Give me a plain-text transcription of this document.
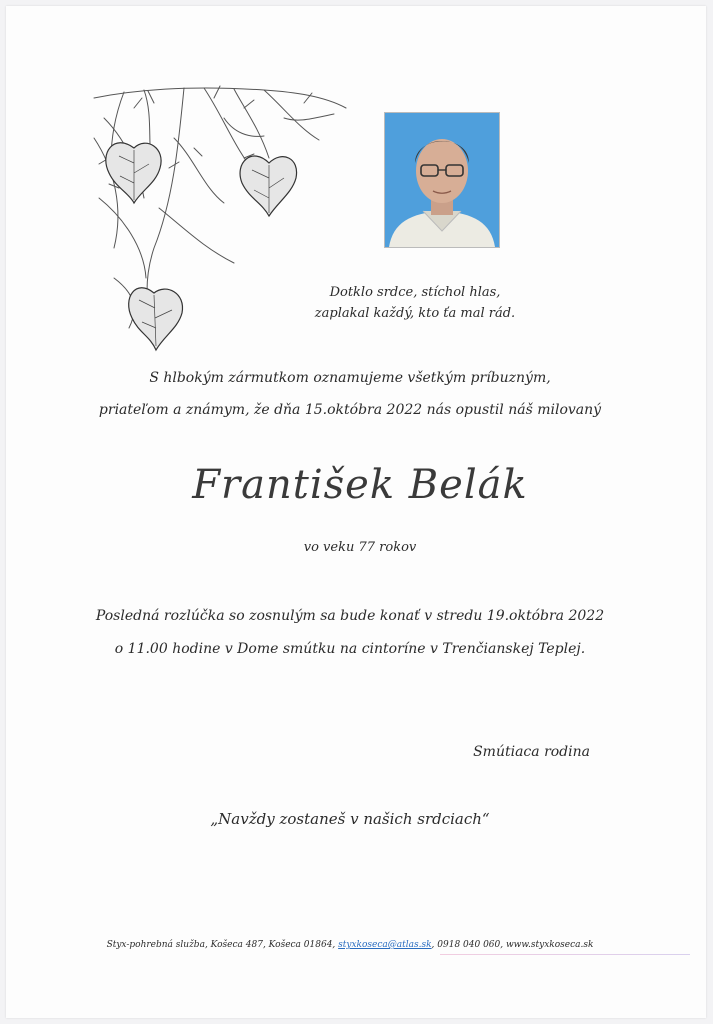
Dotklo srdce, stíchol hlas,
zaplakal každý, kto ťa mal rád.
S hlbokým zármutkom oznamujeme všetkým príbuzným,
priateľom a známym, že dňa 15.októbra 2022 nás opustil náš milovaný
František Belák
vo veku 77 rokov
Posledná rozlúčka so zosnulým sa bude konať v stredu 19.októbra 2022
o 11.00 hodine v Dome smútku na cintoríne v Trenčianskej Teplej.
Smútiaca rodina
„Navždy zostaneš v našich srdciach“
Styx-pohrebná služba, Košeca 487, Košeca 01864, styxkoseca@atlas.sk, 0918 040 060, www.styxkoseca.sk
